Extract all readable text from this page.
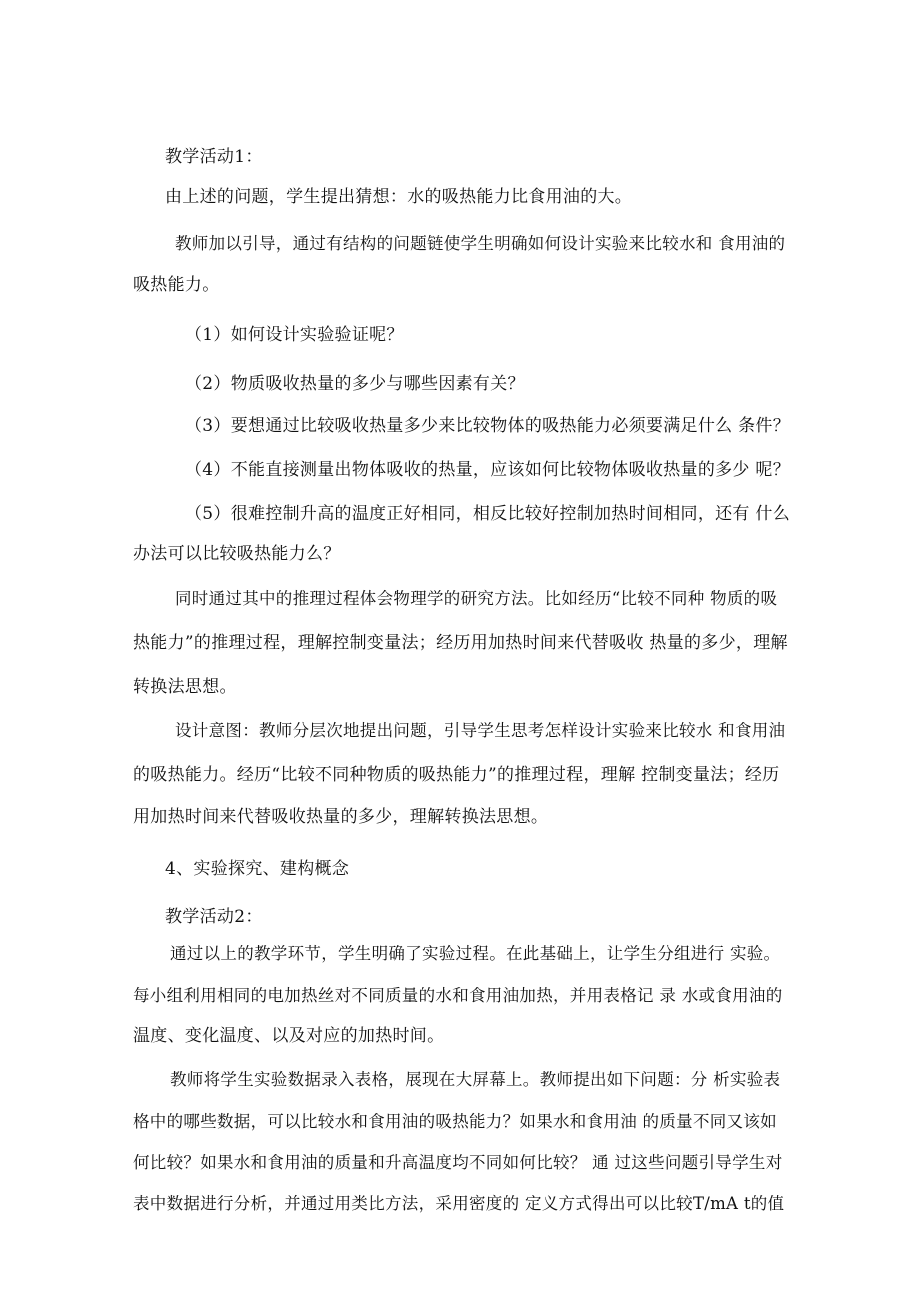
教学活动1：
由上述的问题，学生提出猜想：水的吸热能力比食用油的大。
教师加以引导，通过有结构的问题链使学生明确如何设计实验来比较水和 食用油的
吸热能力。
（1）如何设计实验验证呢？
（2）物质吸收热量的多少与哪些因素有关？
（3）要想通过比较吸收热量多少来比较物体的吸热能力必须要满足什么 条件？
（4）不能直接测量出物体吸收的热量，应该如何比较物体吸收热量的多少 呢？
（5）很难控制升高的温度正好相同，相反比较好控制加热时间相同，还有 什么
办法可以比较吸热能力么？
同时通过其中的推理过程体会物理学的研究方法。比如经历“比较不同种 物质的吸
热能力”的推理过程，理解控制变量法；经历用加热时间来代替吸收 热量的多少，理解
转换法思想。
设计意图：教师分层次地提出问题，引导学生思考怎样设计实验来比较水 和食用油
的吸热能力。经历“比较不同种物质的吸热能力”的推理过程，理解 控制变量法；经历
用加热时间来代替吸收热量的多少，理解转换法思想。
4、实验探究、建构概念
教学活动2：
通过以上的教学环节，学生明确了实验过程。在此基础上，让学生分组进行 实验。
每小组利用相同的电加热丝对不同质量的水和食用油加热，并用表格记 录 水或食用油的
温度、变化温度、以及对应的加热时间。
教师将学生实验数据录入表格，展现在大屏幕上。教师提出如下问题：分 析实验表
格中的哪些数据，可以比较水和食用油的吸热能力？如果水和食用油 的质量不同又该如
何比较？如果水和食用油的质量和升高温度均不同如何比较？ 通 过这些问题引导学生对
表中数据进行分析，并通过用类比方法，采用密度的 定义方式得出可以比较T/mA t的值
